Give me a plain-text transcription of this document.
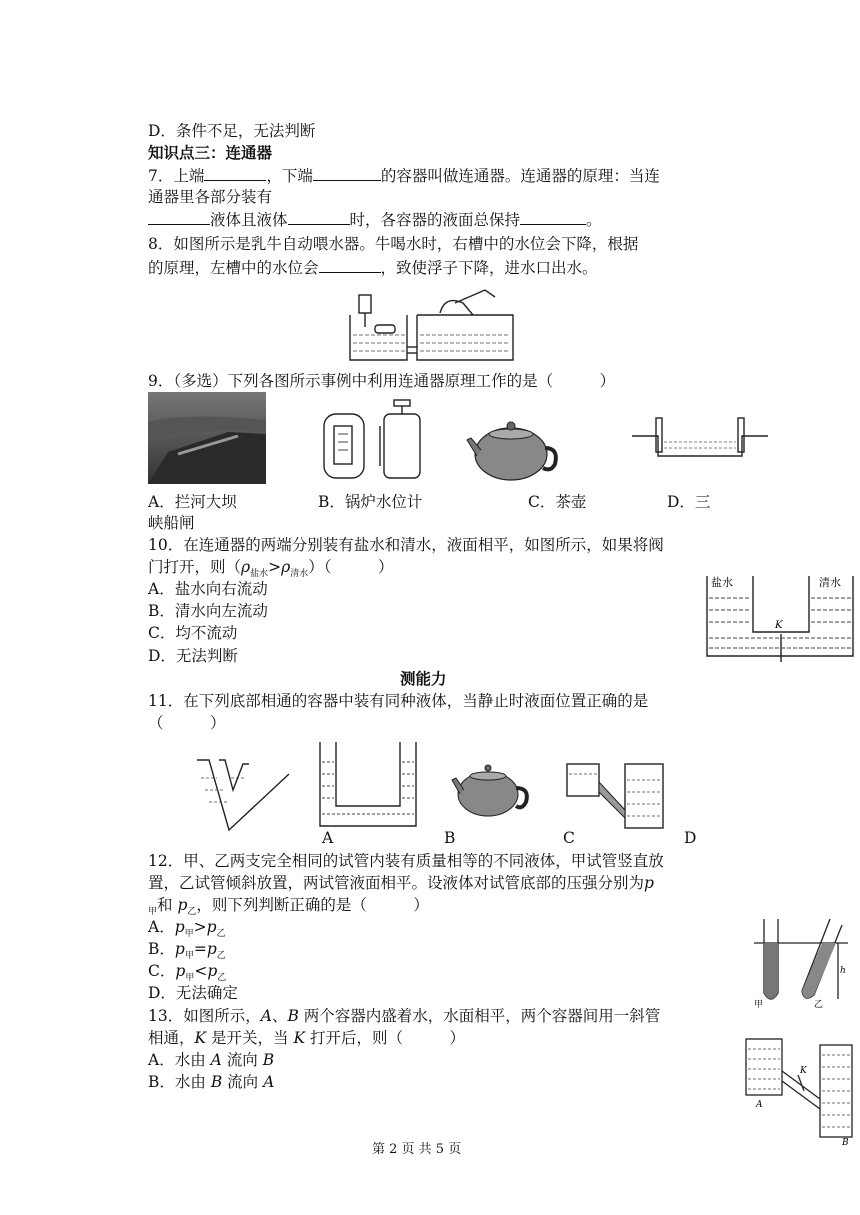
D．条件不足，无法判断
知识点三：连通器
7．上端	，下端	的容器叫做连通器。连通器的原理：当连
通器里各部分装有
液体且液体	时，各容器的液面总保持	。
8．如图所示是乳牛自动喂水器。牛喝水时，右槽中的水位会下降，根据
的原理，左槽中的水位会	，致使浮子下降，进水口出水。
9．（多选）下列各图所示事例中利用连通器原理工作的是（　　　）
A．拦河大坝	B．锅炉水位计	C．茶壶	D．三
峡船闸
10．在连通器的两端分别装有盐水和清水，液面相平，如图所示，如果将阀
门打开，则$(\rho_{盐水}>\rho_{清水})$（　　　）
A．盐水向右流动
B．清水向左流动
C．均不流动
D．无法判断
盐水	清水
K
测能力
11．在下列底部相通的容器中装有同种液体，当静止时液面位置正确的是
（　　　）
A	B	C	D
12．甲、乙两支完全相同的试管内装有质量相等的不同液体，甲试管竖直放
置，乙试管倾斜放置，两试管液面相平。设液体对试管底部的压强分别为p
$_甲$和 $p_乙$，则下列判断正确的是（　　　）
A．$p_甲>p_乙$
B．$p_甲=p_乙$
C．$p_甲<p_乙$
D．无法确定
甲	乙
h
13．如图所示，A、B 两个容器内盛着水，水面相平，两个容器间用一斜管
相通，K 是开关，当 K 打开后，则（　　　）
A．水由 A 流向 B
B．水由 B 流向 A
A
B
K
第 2 页 共 5 页
